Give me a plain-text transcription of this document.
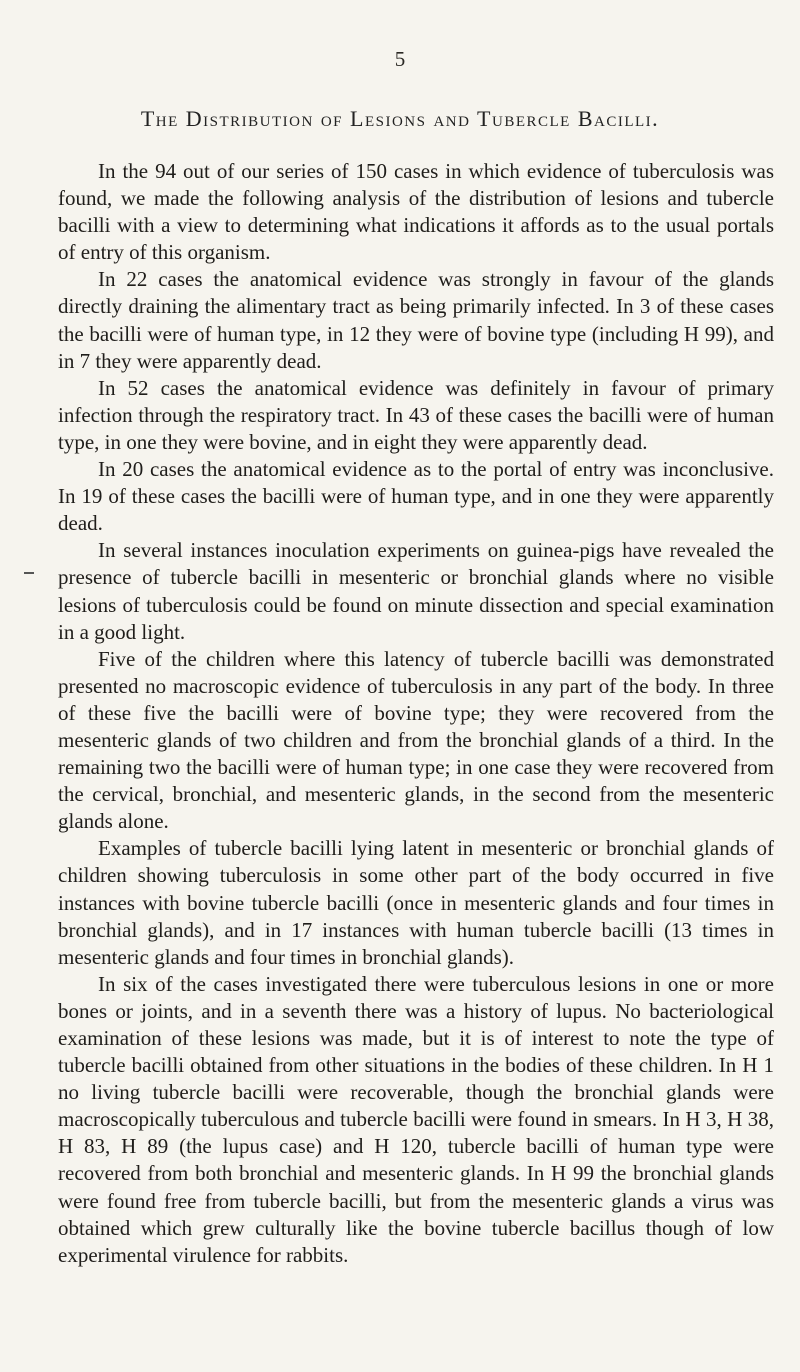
5
The Distribution of Lesions and Tubercle Bacilli.

In the 94 out of our series of 150 cases in which evidence of tuberculosis was found, we made the following analysis of the distribution of lesions and tubercle bacilli with a view to determining what indications it affords as to the usual portals of entry of this organism.

In 22 cases the anatomical evidence was strongly in favour of the glands directly draining the alimentary tract as being primarily infected. In 3 of these cases the bacilli were of human type, in 12 they were of bovine type (including H 99), and in 7 they were apparently dead.

In 52 cases the anatomical evidence was definitely in favour of primary infection through the respiratory tract. In 43 of these cases the bacilli were of human type, in one they were bovine, and in eight they were apparently dead.

In 20 cases the anatomical evidence as to the portal of entry was inconclusive. In 19 of these cases the bacilli were of human type, and in one they were apparently dead.

In several instances inoculation experiments on guinea-pigs have revealed the presence of tubercle bacilli in mesenteric or bronchial glands where no visible lesions of tuberculosis could be found on minute dissection and special examination in a good light.

Five of the children where this latency of tubercle bacilli was demonstrated presented no macroscopic evidence of tuberculosis in any part of the body. In three of these five the bacilli were of bovine type; they were recovered from the mesenteric glands of two children and from the bronchial glands of a third. In the remaining two the bacilli were of human type; in one case they were recovered from the cervical, bronchial, and mesenteric glands, in the second from the mesenteric glands alone.

Examples of tubercle bacilli lying latent in mesenteric or bronchial glands of children showing tuberculosis in some other part of the body occurred in five instances with bovine tubercle bacilli (once in mesenteric glands and four times in bronchial glands), and in 17 instances with human tubercle bacilli (13 times in mesenteric glands and four times in bronchial glands).

In six of the cases investigated there were tuberculous lesions in one or more bones or joints, and in a seventh there was a history of lupus. No bacteriological examination of these lesions was made, but it is of interest to note the type of tubercle bacilli obtained from other situations in the bodies of these children. In H 1 no living tubercle bacilli were recoverable, though the bronchial glands were macroscopically tuberculous and tubercle bacilli were found in smears. In H 3, H 38, H 83, H 89 (the lupus case) and H 120, tubercle bacilli of human type were recovered from both bronchial and mesenteric glands. In H 99 the bronchial glands were found free from tubercle bacilli, but from the mesenteric glands a virus was obtained which grew culturally like the bovine tubercle bacillus though of low experimental virulence for rabbits.
